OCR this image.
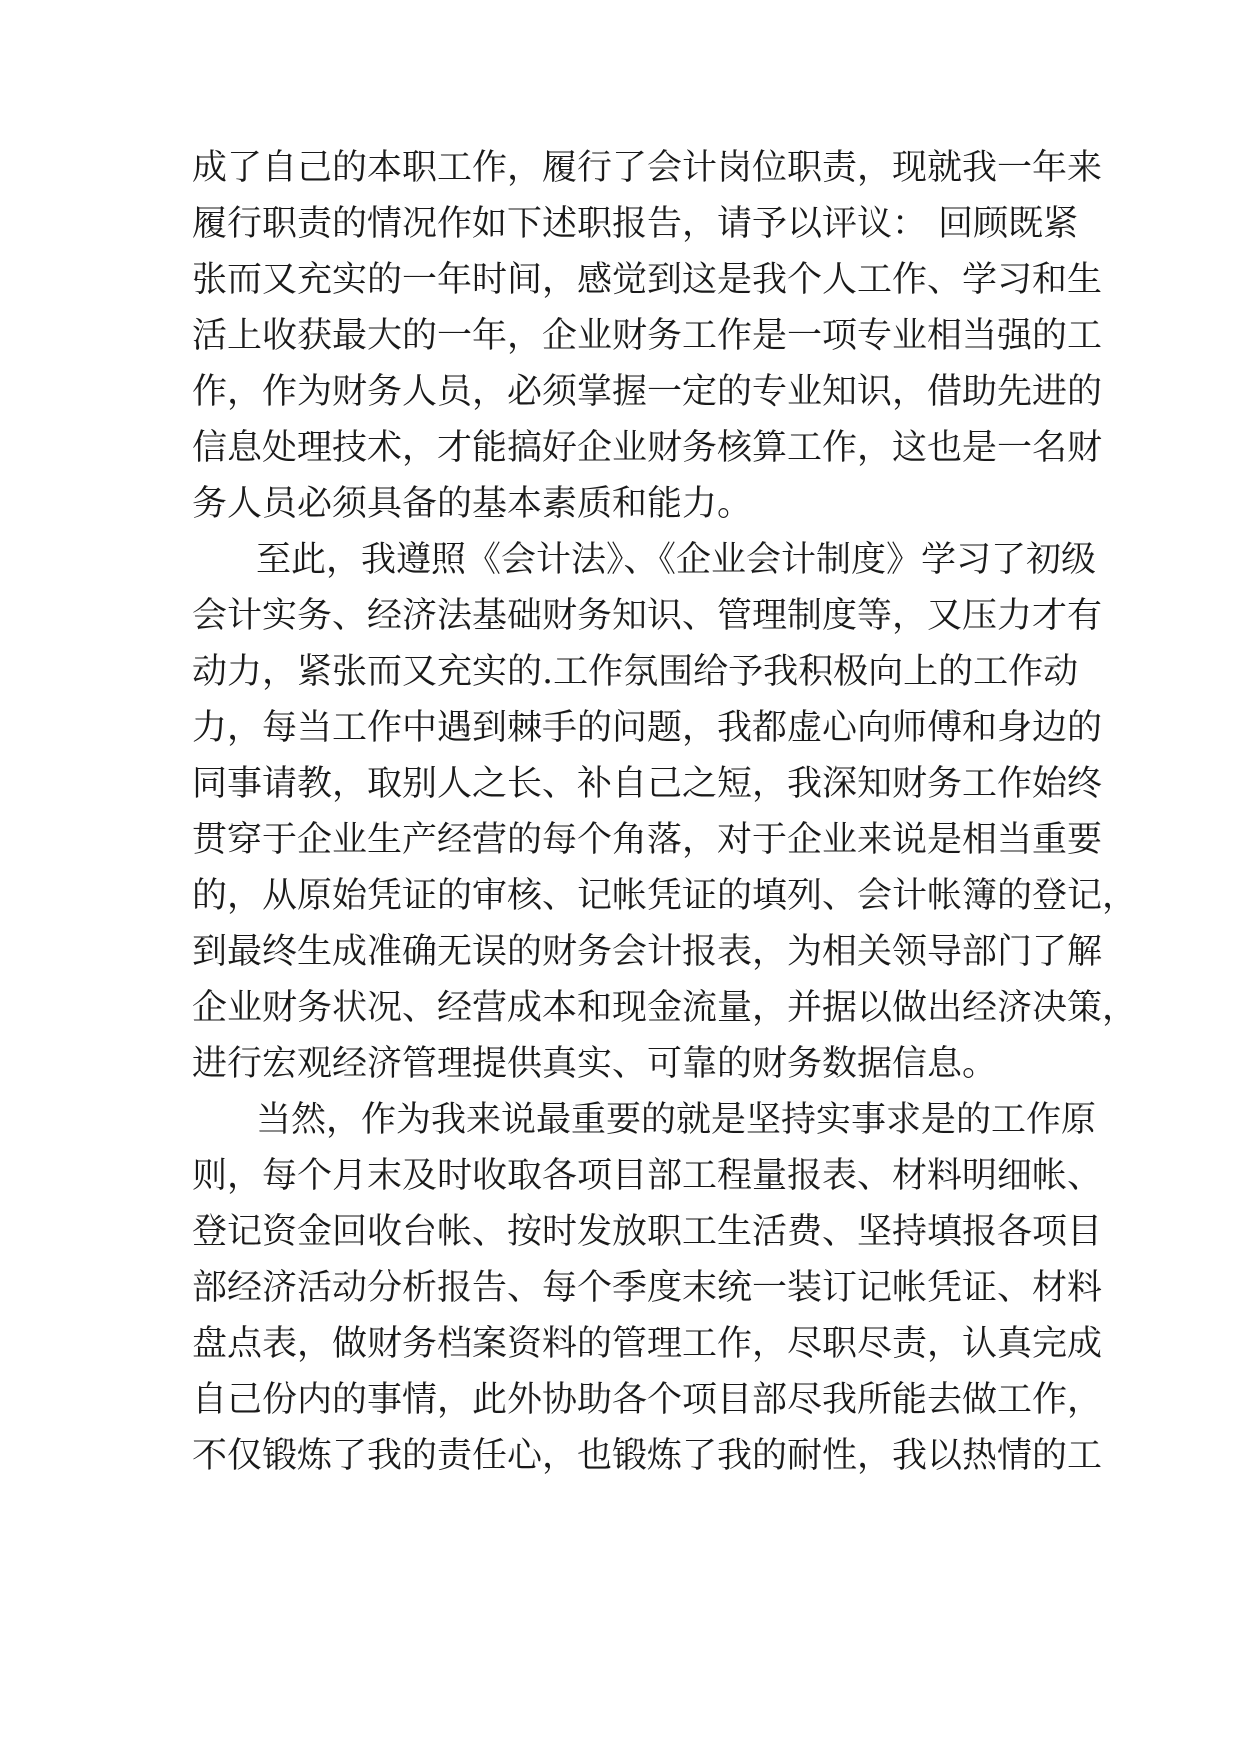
成了自己的本职工作，履行了会计岗位职责，现就我一年来
履行职责的情况作如下述职报告，请予以评议： 回顾既紧
张而又充实的一年时间，感觉到这是我个人工作、学习和生
活上收获最大的一年，企业财务工作是一项专业相当强的工
作，作为财务人员，必须掌握一定的专业知识，借助先进的
信息处理技术，才能搞好企业财务核算工作，这也是一名财
务人员必须具备的基本素质和能力。
至此，我遵照《会计法》、《企业会计制度》学习了初级
会计实务、经济法基础财务知识、管理制度等，又压力才有
动力，紧张而又充实的.工作氛围给予我积极向上的工作动
力，每当工作中遇到棘手的问题，我都虚心向师傅和身边的
同事请教，取别人之长、补自己之短，我深知财务工作始终
贯穿于企业生产经营的每个角落，对于企业来说是相当重要
的，从原始凭证的审核、记帐凭证的填列、会计帐簿的登记，
到最终生成准确无误的财务会计报表，为相关领导部门了解
企业财务状况、经营成本和现金流量，并据以做出经济决策，
进行宏观经济管理提供真实、可靠的财务数据信息。
当然，作为我来说最重要的就是坚持实事求是的工作原
则，每个月末及时收取各项目部工程量报表、材料明细帐、
登记资金回收台帐、按时发放职工生活费、坚持填报各项目
部经济活动分析报告、每个季度末统一装订记帐凭证、材料
盘点表，做财务档案资料的管理工作，尽职尽责，认真完成
自己份内的事情，此外协助各个项目部尽我所能去做工作，
不仅锻炼了我的责任心，也锻炼了我的耐性，我以热情的工
